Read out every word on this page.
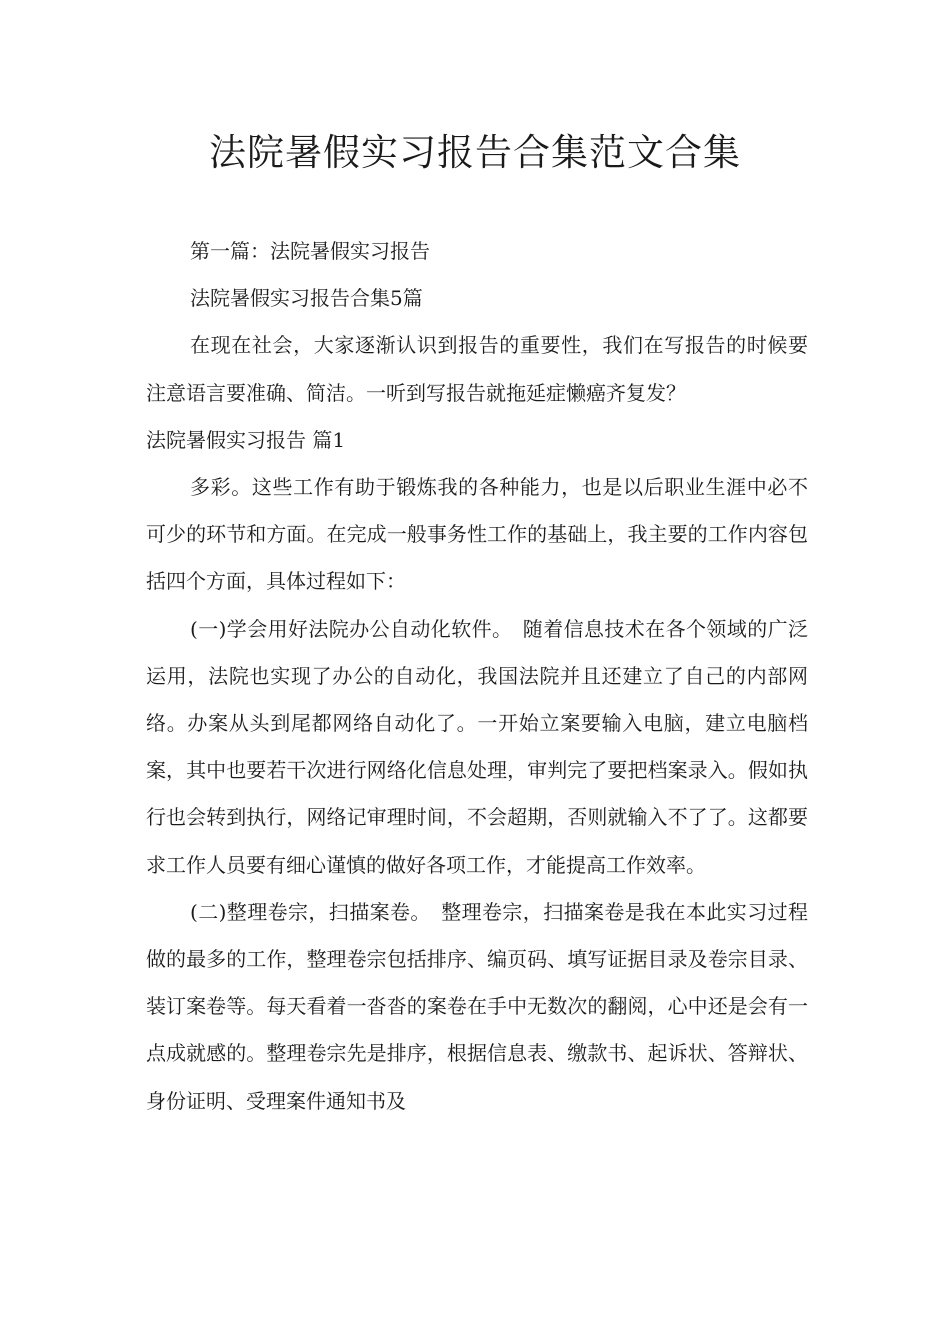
法院暑假实习报告合集范文合集

第一篇：法院暑假实习报告

法院暑假实习报告合集5篇

在现在社会，大家逐渐认识到报告的重要性，我们在写报告的时候要注意语言要准确、简洁。一听到写报告就拖延症懒癌齐复发？

法院暑假实习报告 篇1

多彩。这些工作有助于锻炼我的各种能力，也是以后职业生涯中必不可少的环节和方面。在完成一般事务性工作的基础上，我主要的工作内容包括四个方面，具体过程如下：

(一)学会用好法院办公自动化软件。　随着信息技术在各个领域的广泛运用，法院也实现了办公的自动化，我国法院并且还建立了自己的内部网络。办案从头到尾都网络自动化了。一开始立案要输入电脑，建立电脑档案，其中也要若干次进行网络化信息处理，审判完了要把档案录入。假如执行也会转到执行，网络记审理时间，不会超期，否则就输入不了了。这都要求工作人员要有细心谨慎的做好各项工作，才能提高工作效率。

(二)整理卷宗，扫描案卷。　整理卷宗，扫描案卷是我在本此实习过程做的最多的工作，整理卷宗包括排序、编页码、填写证据目录及卷宗目录、装订案卷等。每天看着一沓沓的案卷在手中无数次的翻阅，心中还是会有一点成就感的。整理卷宗先是排序，根据信息表、缴款书、起诉状、答辩状、身份证明、受理案件通知书及
